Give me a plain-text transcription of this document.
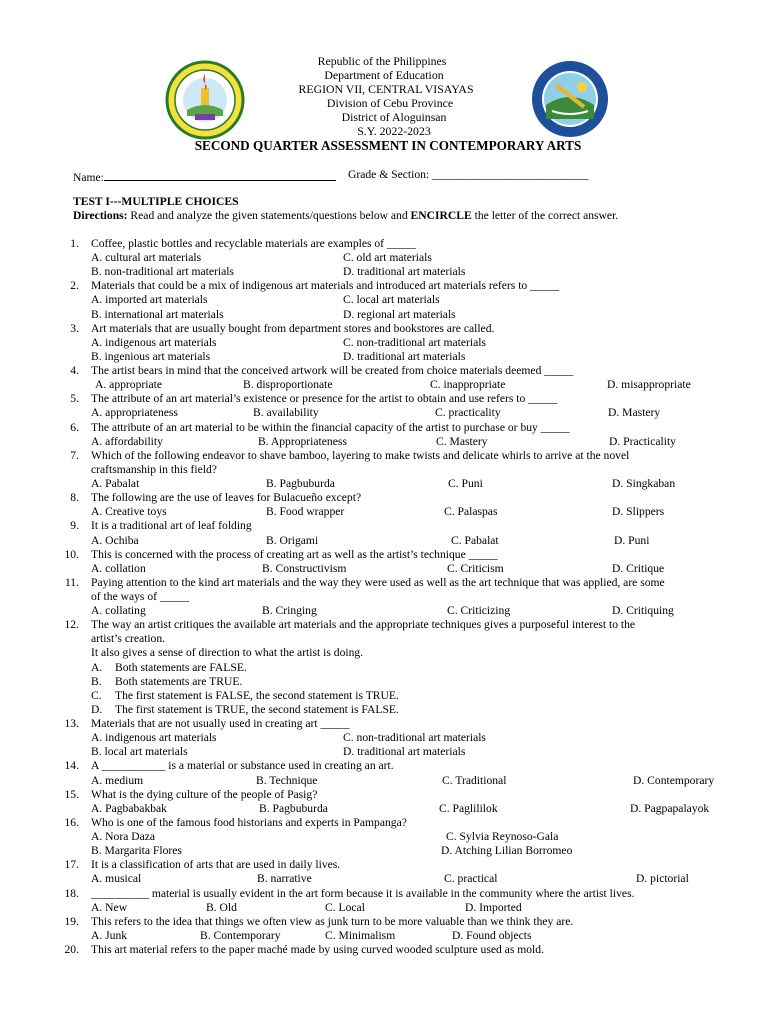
Republic of the Philippines
Department of Education
REGION VII, CENTRAL VISAYAS
Division of Cebu Province
District of Aloguinsan
S.Y. 2022-2023
SECOND QUARTER ASSESSMENT IN CONTEMPORARY ARTS
Name:	Grade & Section: ___________________________
TEST I---MULTIPLE CHOICES
Directions: Read and analyze the given statements/questions below and ENCIRCLE the letter of the correct answer.
1. Coffee, plastic bottles and recyclable materials are examples of _____
A. cultural art materials	C. old art materials
B. non-traditional art materials	D. traditional art materials
2. Materials that could be a mix of indigenous art materials and introduced art materials refers to _____
A. imported art materials	C. local art materials
B. international art materials	D. regional art materials
3. Art materials that are usually bought from department stores and bookstores are called.
A. indigenous art materials	C. non-traditional art materials
B. ingenious art materials	D. traditional art materials
4. The artist bears in mind that the conceived artwork will be created from choice materials deemed _____
A. appropriate	B. disproportionate	C. inappropriate	D. misappropriate
5. The attribute of an art material’s existence or presence for the artist to obtain and use refers to _____
A. appropriateness	B. availability	C. practicality	D. Mastery
6. The attribute of an art material to be within the financial capacity of the artist to purchase or buy _____
A. affordability	B. Appropriateness	C. Mastery	D. Practicality
7. Which of the following endeavor to shave bamboo, layering to make twists and delicate whirls to arrive at the novel
craftsmanship in this field?
A. Pabalat	B. Pagbuburda	C. Puni	D. Singkaban
8. The following are the use of leaves for Bulacueño except?
A. Creative toys	B. Food wrapper	C. Palaspas	D. Slippers
9. It is a traditional art of leaf folding
A. Ochiba	B. Origami	C. Pabalat	D. Puni
10. This is concerned with the process of creating art as well as the artist’s technique _____
A. collation	B. Constructivism	C. Criticism	D. Critique
11. Paying attention to the kind art materials and the way they were used as well as the art technique that was applied, are some
of the ways of _____
A. collating	B. Cringing	C. Criticizing	D. Critiquing
12. The way an artist critiques the available art materials and the appropriate techniques gives a purposeful interest to the
artist’s creation.
It also gives a sense of direction to what the artist is doing.
A. Both statements are FALSE.
B. Both statements are TRUE.
C. The first statement is FALSE, the second statement is TRUE.
D. The first statement is TRUE, the second statement is FALSE.
13. Materials that are not usually used in creating art _____
A. indigenous art materials	C. non-traditional art materials
B. local art materials	D. traditional art materials
14. A ___________ is a material or substance used in creating an art.
A. medium	B. Technique	C. Traditional	D. Contemporary
15. What is the dying culture of the people of Pasig?
A. Pagbabakbak	B. Pagbuburda	C. Paglililok	D. Pagpapalayok
16. Who is one of the famous food historians and experts in Pampanga?
A. Nora Daza	C. Sylvia Reynoso-Gala
B. Margarita Flores	D. Atching Lilian Borromeo
17. It is a classification of arts that are used in daily lives.
A. musical	B. narrative	C. practical	D. pictorial
18. __________ material is usually evident in the art form because it is available in the community where the artist lives.
A. New	B. Old	C. Local	D. Imported
19. This refers to the idea that things we often view as junk turn to be more valuable than we think they are.
A. Junk	B. Contemporary	C. Minimalism	D. Found objects
20. This art material refers to the paper maché made by using curved wooded sculpture used as mold.
